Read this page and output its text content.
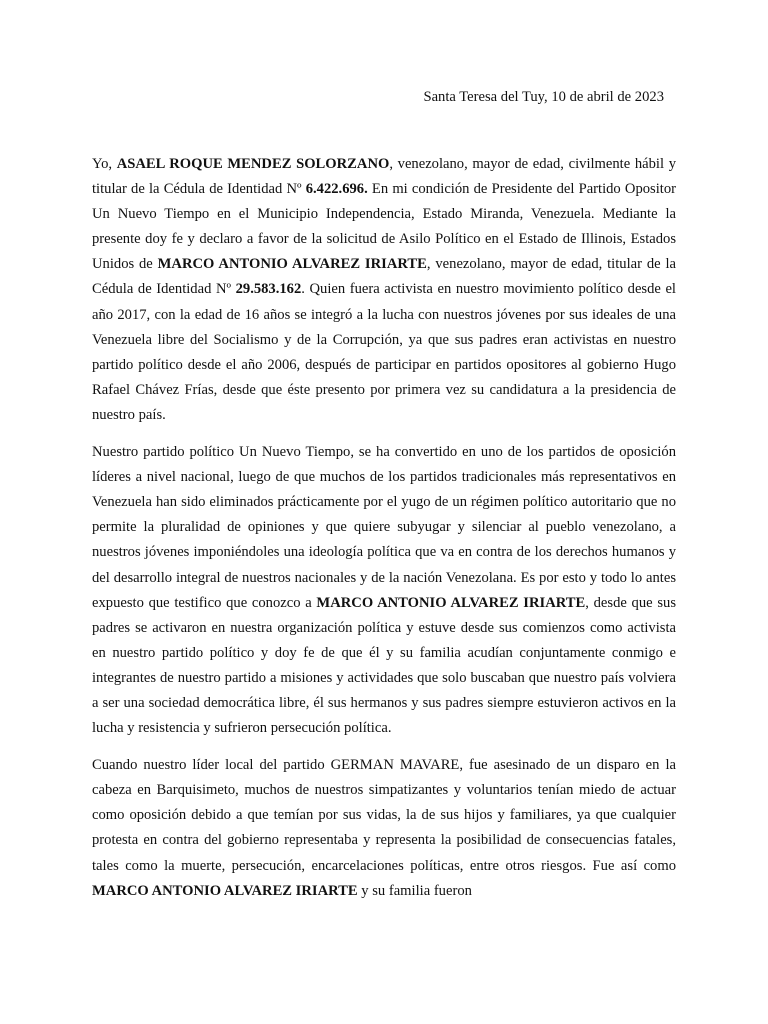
Santa Teresa del Tuy, 10 de abril de 2023

Yo, ASAEL ROQUE MENDEZ SOLORZANO, venezolano, mayor de edad, civilmente hábil y titular de la Cédula de Identidad Nº 6.422.696. En mi condición de Presidente del Partido Opositor Un Nuevo Tiempo en el Municipio Independencia, Estado Miranda, Venezuela. Mediante la presente doy fe y declaro a favor de la solicitud de Asilo Político en el Estado de Illinois, Estados Unidos de MARCO ANTONIO ALVAREZ IRIARTE, venezolano, mayor de edad, titular de la Cédula de Identidad Nº 29.583.162. Quien fuera activista en nuestro movimiento político desde el año 2017, con la edad de 16 años se integró a la lucha con nuestros jóvenes por sus ideales de una Venezuela libre del Socialismo y de la Corrupción, ya que sus padres eran activistas en nuestro partido político desde el año 2006, después de participar en partidos opositores al gobierno Hugo Rafael Chávez Frías, desde que éste presento por primera vez su candidatura a la presidencia de nuestro país.

Nuestro partido político Un Nuevo Tiempo, se ha convertido en uno de los partidos de oposición líderes a nivel nacional, luego de que muchos de los partidos tradicionales más representativos en Venezuela han sido eliminados prácticamente por el yugo de un régimen político autoritario que no permite la pluralidad de opiniones y que quiere subyugar y silenciar al pueblo venezolano, a nuestros jóvenes imponiéndoles una ideología política que va en contra de los derechos humanos y del desarrollo integral de nuestros nacionales y de la nación Venezolana. Es por esto y todo lo antes expuesto que testifico que conozco a MARCO ANTONIO ALVAREZ IRIARTE, desde que sus padres se activaron en nuestra organización política y estuve desde sus comienzos como activista en nuestro partido político y doy fe de que él y su familia acudían conjuntamente conmigo e integrantes de nuestro partido a misiones y actividades que solo buscaban que nuestro país volviera a ser una sociedad democrática libre, él sus hermanos y sus padres siempre estuvieron activos en la lucha y resistencia y sufrieron persecución política.

Cuando nuestro líder local del partido GERMAN MAVARE, fue asesinado de un disparo en la cabeza en Barquisimeto, muchos de nuestros simpatizantes y voluntarios tenían miedo de actuar como oposición debido a que temían por sus vidas, la de sus hijos y familiares, ya que cualquier protesta en contra del gobierno representaba y representa la posibilidad de consecuencias fatales, tales como la muerte, persecución, encarcelaciones políticas, entre otros riesgos. Fue así como MARCO ANTONIO ALVAREZ IRIARTE y su familia fueron
